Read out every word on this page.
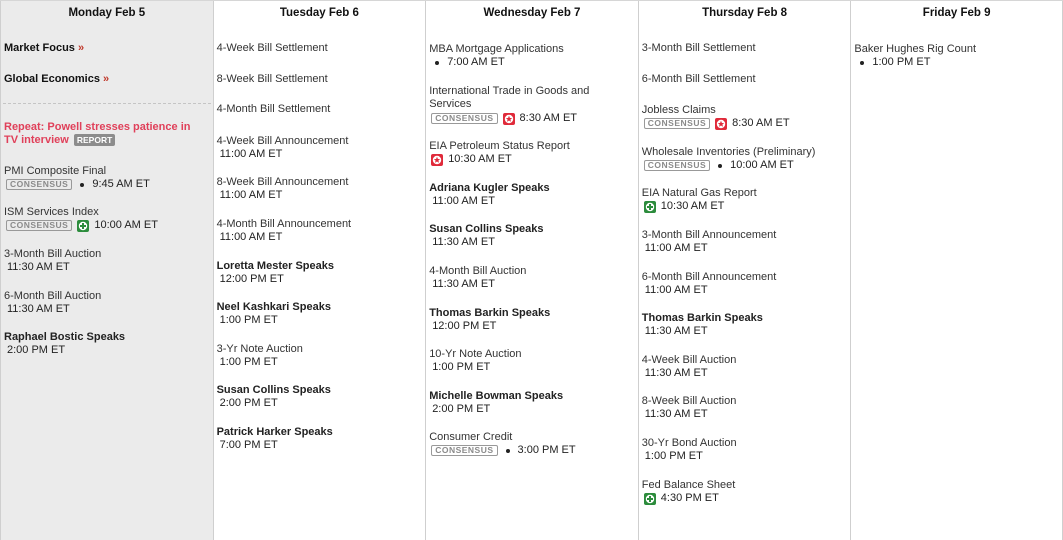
Monday Feb 5
Market Focus »
Global Economics »
Repeat: Powell stresses patience in TV interview REPORT
PMI Composite Final
CONSENSUS	9:45 AM ET
ISM Services Index
CONSENSUS	10:00 AM ET
3-Month Bill Auction
11:30 AM ET
6-Month Bill Auction
11:30 AM ET
Raphael Bostic Speaks
2:00 PM ET
Tuesday Feb 6
4-Week Bill Settlement
8-Week Bill Settlement
4-Month Bill Settlement
4-Week Bill Announcement
11:00 AM ET
8-Week Bill Announcement
11:00 AM ET
4-Month Bill Announcement
11:00 AM ET
Loretta Mester Speaks
12:00 PM ET
Neel Kashkari Speaks
1:00 PM ET
3-Yr Note Auction
1:00 PM ET
Susan Collins Speaks
2:00 PM ET
Patrick Harker Speaks
7:00 PM ET
Wednesday Feb 7
MBA Mortgage Applications
7:00 AM ET
International Trade in Goods and
Services
CONSENSUS	8:30 AM ET
EIA Petroleum Status Report
10:30 AM ET
Adriana Kugler Speaks
11:00 AM ET
Susan Collins Speaks
11:30 AM ET
4-Month Bill Auction
11:30 AM ET
Thomas Barkin Speaks
12:00 PM ET
10-Yr Note Auction
1:00 PM ET
Michelle Bowman Speaks
2:00 PM ET
Consumer Credit
CONSENSUS	3:00 PM ET
Thursday Feb 8
3-Month Bill Settlement
6-Month Bill Settlement
Jobless Claims
CONSENSUS	8:30 AM ET
Wholesale Inventories (Preliminary)
CONSENSUS	10:00 AM ET
EIA Natural Gas Report
10:30 AM ET
3-Month Bill Announcement
11:00 AM ET
6-Month Bill Announcement
11:00 AM ET
Thomas Barkin Speaks
11:30 AM ET
4-Week Bill Auction
11:30 AM ET
8-Week Bill Auction
11:30 AM ET
30-Yr Bond Auction
1:00 PM ET
Fed Balance Sheet
4:30 PM ET
Friday Feb 9
Baker Hughes Rig Count
1:00 PM ET
